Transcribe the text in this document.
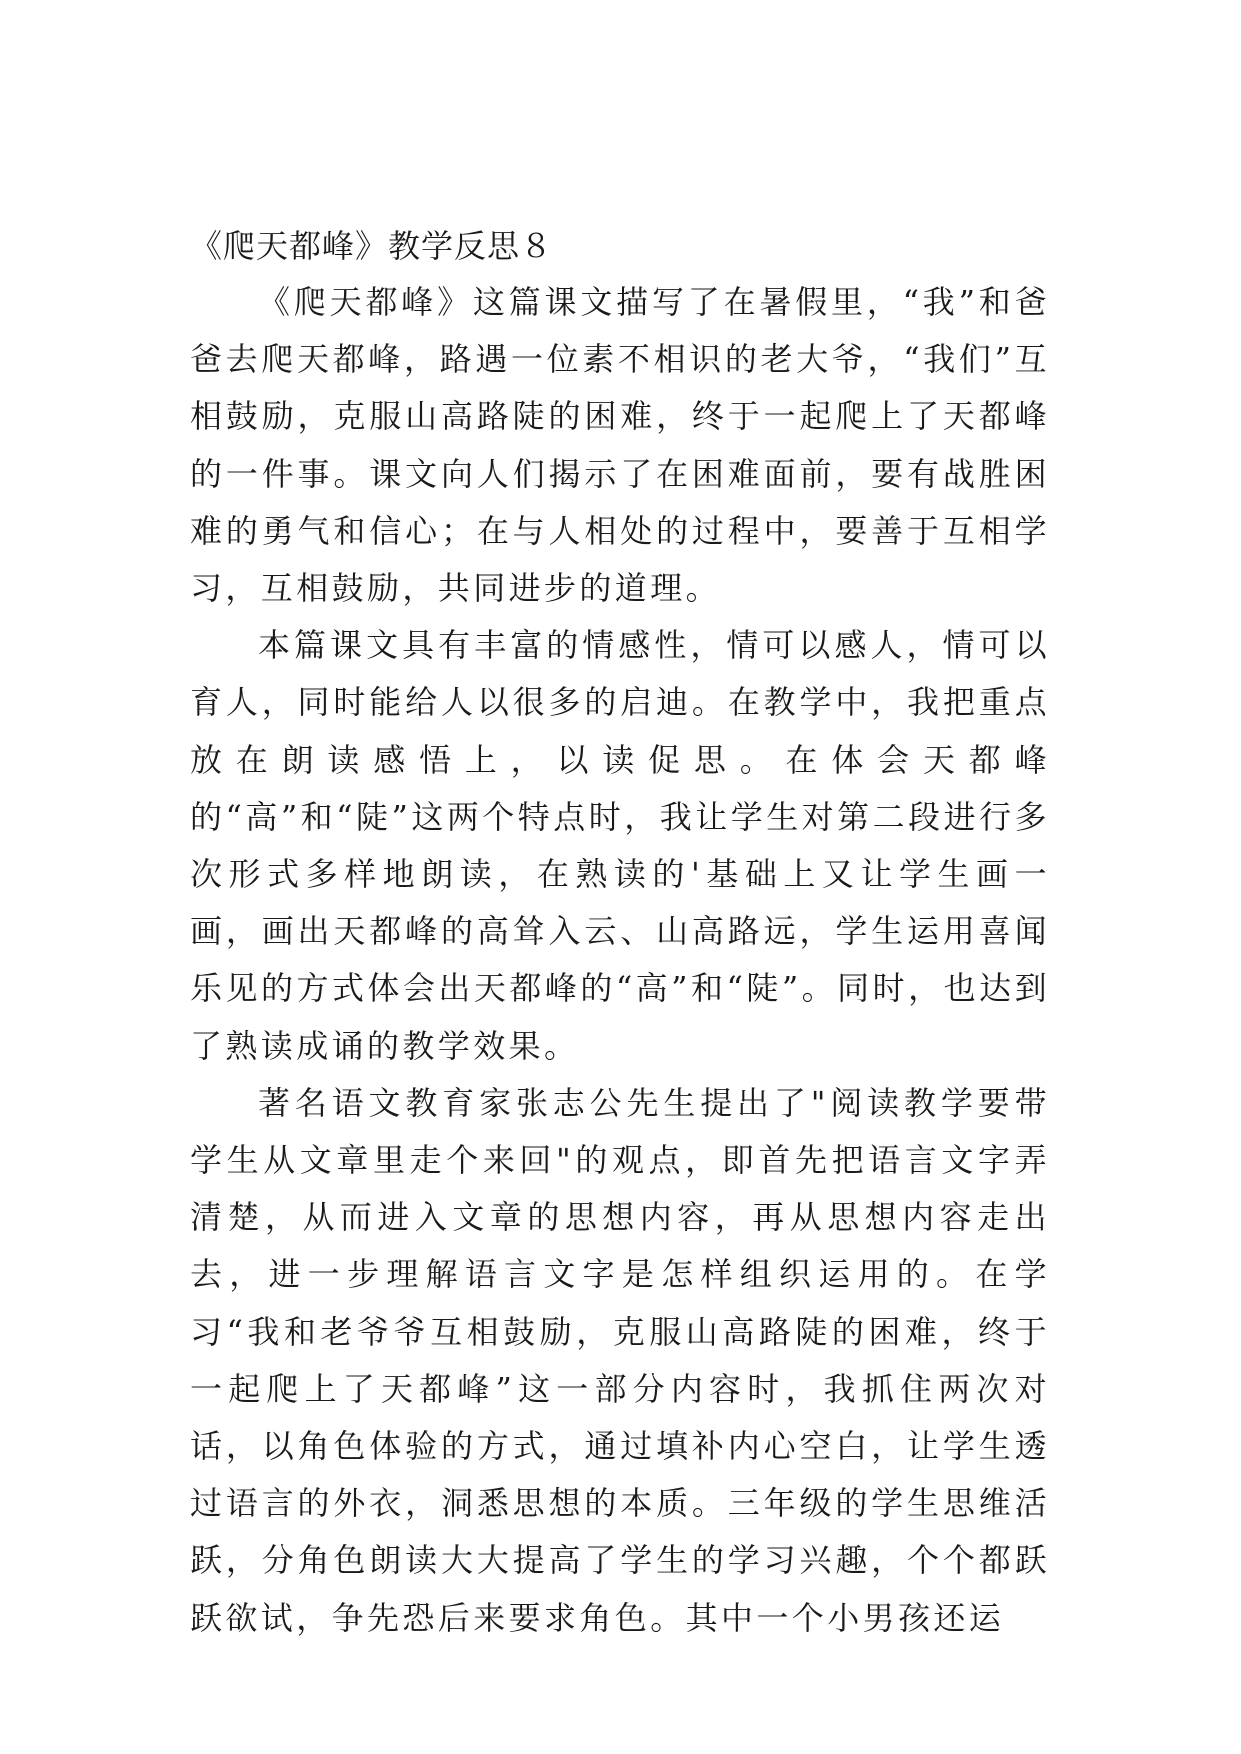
《爬天都峰》教学反思８

《爬天都峰》这篇课文描写了在暑假里，“我”和爸爸去爬天都峰，路遇一位素不相识的老大爷，“我们”互相鼓励，克服山高路陡的困难，终于一起爬上了天都峰的一件事。课文向人们揭示了在困难面前，要有战胜困难的勇气和信心；在与人相处的过程中，要善于互相学习，互相鼓励，共同进步的道理。

本篇课文具有丰富的情感性，情可以感人，情可以育人，同时能给人以很多的启迪。在教学中，我把重点放在朗读感悟上，以读促思。在体会天都峰的“高”和“陡”这两个特点时，我让学生对第二段进行多次形式多样地朗读，在熟读的'基础上又让学生画一画，画出天都峰的高耸入云、山高路远，学生运用喜闻乐见的方式体会出天都峰的“高”和“陡”。同时，也达到了熟读成诵的教学效果。

著名语文教育家张志公先生提出了"阅读教学要带学生从文章里走个来回"的观点，即首先把语言文字弄清楚，从而进入文章的思想内容，再从思想内容走出去，进一步理解语言文字是怎样组织运用的。在学习“我和老爷爷互相鼓励，克服山高路陡的困难，终于一起爬上了天都峰”这一部分内容时，我抓住两次对话，以角色体验的方式，通过填补内心空白，让学生透过语言的外衣，洞悉思想的本质。三年级的学生思维活跃，分角色朗读大大提高了学生的学习兴趣，个个都跃跃欲试，争先恐后来要求角色。其中一个小男孩还运
